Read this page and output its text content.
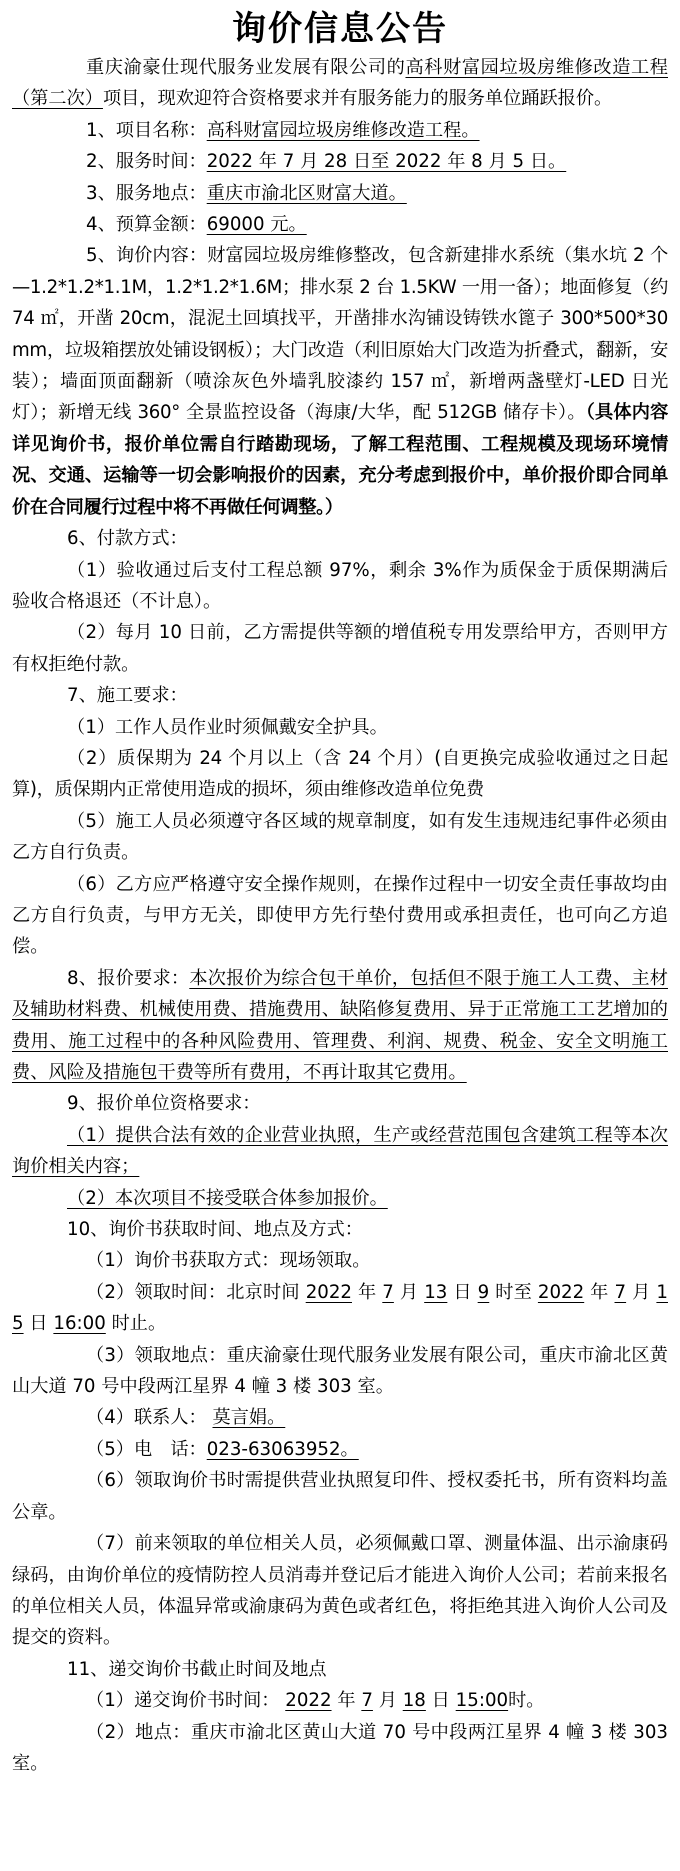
询价信息公告

重庆渝豪仕现代服务业发展有限公司的高科财富园垃圾房维修改造工程（第二次）项目，现欢迎符合资格要求并有服务能力的服务单位踊跃报价。

1、项目名称：高科财富园垃圾房维修改造工程。

2、服务时间：2022 年 7 月 28 日至 2022 年 8 月 5 日。

3、服务地点：重庆市渝北区财富大道。

4、预算金额：69000 元。

5、询价内容：财富园垃圾房维修整改，包含新建排水系统（集水坑 2 个—1.2*1.2*1.1M，1.2*1.2*1.6M；排水泵 2 台 1.5KW 一用一备）；地面修复（约 74 ㎡，开凿 20cm，混泥土回填找平，开凿排水沟铺设铸铁水篦子 300*500*30mm，垃圾箱摆放处铺设钢板）；大门改造（利旧原始大门改造为折叠式，翻新，安装）；墙面顶面翻新（喷涂灰色外墙乳胶漆约 157 ㎡，新增两盏壁灯-LED 日光灯）；新增无线 360° 全景监控设备（海康/大华，配 512GB 储存卡）。（具体内容详见询价书，报价单位需自行踏勘现场，了解工程范围、工程规模及现场环境情况、交通、运输等一切会影响报价的因素，充分考虑到报价中，单价报价即合同单价在合同履行过程中将不再做任何调整。）

6、付款方式：

（1）验收通过后支付工程总额 97%，剩余 3%作为质保金于质保期满后验收合格退还（不计息）。

（2）每月 10 日前，乙方需提供等额的增值税专用发票给甲方，否则甲方有权拒绝付款。

7、施工要求：

（1）工作人员作业时须佩戴安全护具。

（2）质保期为 24 个月以上（含 24 个月）(自更换完成验收通过之日起算)，质保期内正常使用造成的损坏，须由维修改造单位免费

（5）施工人员必须遵守各区域的规章制度，如有发生违规违纪事件必须由乙方自行负责。

（6）乙方应严格遵守安全操作规则，在操作过程中一切安全责任事故均由乙方自行负责，与甲方无关，即使甲方先行垫付费用或承担责任，也可向乙方追偿。

8、报价要求：本次报价为综合包干单价，包括但不限于施工人工费、主材及辅助材料费、机械使用费、措施费用、缺陷修复费用、异于正常施工工艺增加的费用、施工过程中的各种风险费用、管理费、利润、规费、税金、安全文明施工费、风险及措施包干费等所有费用，不再计取其它费用。

9、报价单位资格要求：

（1）提供合法有效的企业营业执照，生产或经营范围包含建筑工程等本次询价相关内容；

（2）本次项目不接受联合体参加报价。

10、询价书获取时间、地点及方式：

（1）询价书获取方式：现场领取。

（2）领取时间：北京时间 2022 年 7 月 13 日 9 时至 2022 年 7 月 15 日 16:00 时止。

（3）领取地点：重庆渝豪仕现代服务业发展有限公司，重庆市渝北区黄山大道 70 号中段两江星界 4 幢 3 楼 303 室。

（4）联系人： 莫言娟。

（5）电　话：023-63063952。

（6）领取询价书时需提供营业执照复印件、授权委托书，所有资料均盖公章。

（7）前来领取的单位相关人员，必须佩戴口罩、测量体温、出示渝康码绿码，由询价单位的疫情防控人员消毒并登记后才能进入询价人公司；若前来报名的单位相关人员，体温异常或渝康码为黄色或者红色，将拒绝其进入询价人公司及提交的资料。

11、递交询价书截止时间及地点

（1）递交询价书时间： 2022 年 7 月 18 日 15:00时。

（2）地点：重庆市渝北区黄山大道 70 号中段两江星界 4 幢 3 楼 303 室。
